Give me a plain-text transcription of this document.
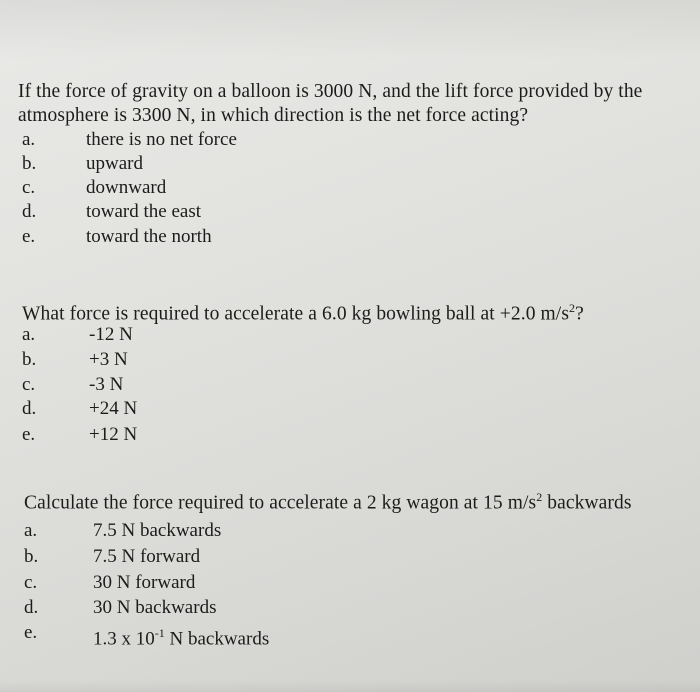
If the force of gravity on a balloon is 3000 N, and the lift force provided by the

atmosphere is 3300 N, in which direction is the net force acting?

a.	there is no net force
b.	upward
c.	downward
d.	toward the east
e.	toward the north

What force is required to accelerate a 6.0 kg bowling ball at +2.0 $m/s^2$?

a.	-12 N
b.	+3 N
c.	-3 N
d.	+24 N
e.	+12 N

Calculate the force required to accelerate a 2 kg wagon at 15 $m/s^2$ backwards

a.	7.5 N backwards
b.	7.5 N forward
c.	30 N forward
d.	30 N backwards
e.	1.3 x $10^{-1}$ N backwards
